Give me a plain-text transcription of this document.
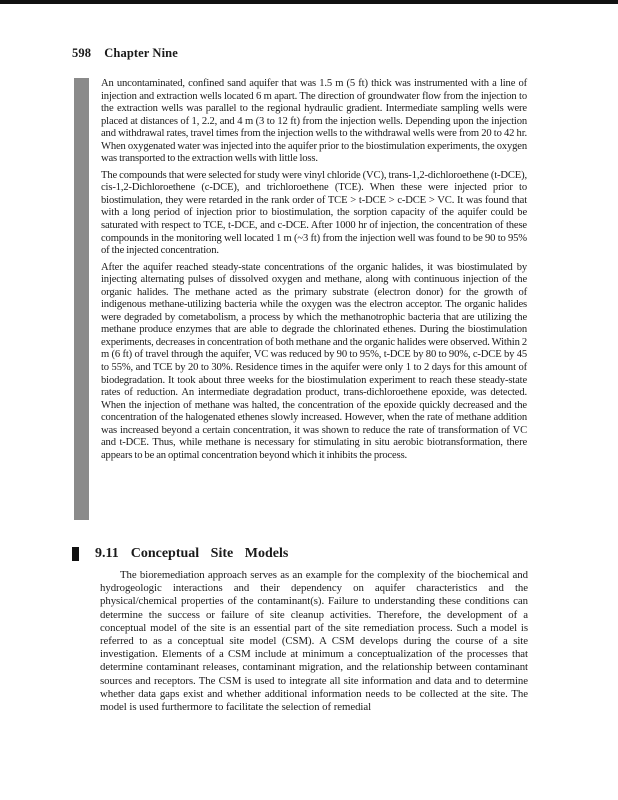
598 Chapter Nine

An uncontaminated, confined sand aquifer that was 1.5 m (5 ft) thick was instrumented with a line of injection and extraction wells located 6 m apart. The direction of groundwater flow from the injection to the extraction wells was parallel to the regional hydraulic gradient. Intermediate sampling wells were placed at distances of 1, 2.2, and 4 m (3 to 12 ft) from the injection wells. Depending upon the injection and withdrawal rates, travel times from the injection wells to the withdrawal wells were from 20 to 42 hr. When oxygenated water was injected into the aquifer prior to the biostimulation experiments, the oxygen was transported to the extraction wells with little loss.

The compounds that were selected for study were vinyl chloride (VC), trans-1,2-dichloroethene (t-DCE), cis-1,2-Dichloroethene (c-DCE), and trichloroethene (TCE). When these were injected prior to biostimulation, they were retarded in the rank order of TCE > t-DCE > c-DCE > VC. It was found that with a long period of injection prior to biostimulation, the sorption capacity of the aquifer could be saturated with respect to TCE, t-DCE, and c-DCE. After 1000 hr of injection, the concentration of these compounds in the monitoring well located 1 m (~3 ft) from the injection well was found to be 90 to 95% of the injected concentration.

After the aquifer reached steady-state concentrations of the organic halides, it was biostimulated by injecting alternating pulses of dissolved oxygen and methane, along with continuous injection of the organic halides. The methane acted as the primary substrate (electron donor) for the growth of indigenous methane-utilizing bacteria while the oxygen was the electron acceptor. The organic halides were degraded by cometabolism, a process by which the methanotrophic bacteria that are utilizing the methane produce enzymes that are able to degrade the chlorinated ethenes. During the biostimulation experiments, decreases in concentration of both methane and the organic halides were observed. Within 2 m (6 ft) of travel through the aquifer, VC was reduced by 90 to 95%, t-DCE by 80 to 90%, c-DCE by 45 to 55%, and TCE by 20 to 30%. Residence times in the aquifer were only 1 to 2 days for this amount of biodegradation. It took about three weeks for the biostimulation experiment to reach these steady-state rates of reduction. An intermediate degradation product, trans-dichloroethene epoxide, was detected. When the injection of methane was halted, the concentration of the epoxide quickly decreased and the concentration of the halogenated ethenes slowly increased. However, when the rate of methane addition was increased beyond a certain concentration, it was shown to reduce the rate of transformation of VC and t-DCE. Thus, while methane is necessary for stimulating in situ aerobic biotransformation, there appears to be an optimal concentration beyond which it inhibits the process.

9.11 Conceptual Site Models

The bioremediation approach serves as an example for the complexity of the biochemical and hydrogeologic interactions and their dependency on aquifer characteristics and the physical/chemical properties of the contaminant(s). Failure to understanding these conditions can determine the success or failure of site cleanup activities. Therefore, the development of a conceptual model of the site is an essential part of the site remediation process. Such a model is referred to as a conceptual site model (CSM). A CSM develops during the course of a site investigation. Elements of a CSM include at minimum a conceptualization of the processes that determine contaminant releases, contaminant migration, and the relationship between contaminant sources and receptors. The CSM is used to integrate all site information and data and to determine whether data gaps exist and whether additional information needs to be collected at the site. The model is used furthermore to facilitate the selection of remedial
